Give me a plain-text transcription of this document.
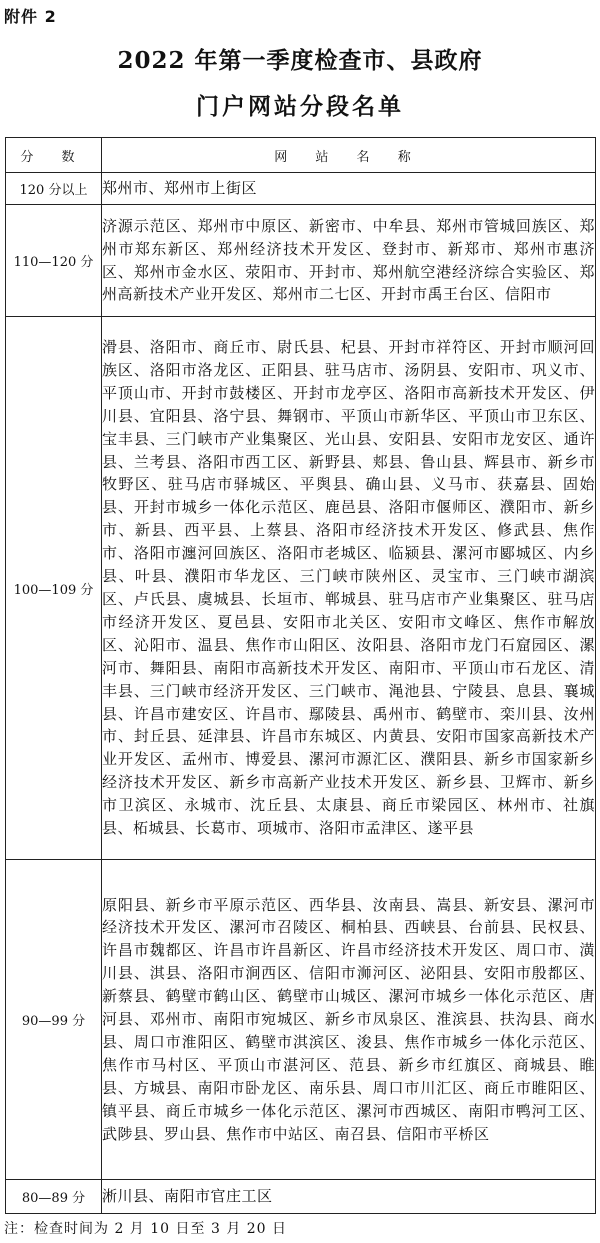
附件 2
2022 年第一季度检查市、县政府
门户网站分段名单
分 数	网 站 名 称
120 分以上	郑州市、郑州市上街区
110—120 分	济源示范区、郑州市中原区、新密市、中牟县、郑州市管城回族区、郑州市郑东新区、郑州经济技术开发区、登封市、新郑市、郑州市惠济区、郑州市金水区、荥阳市、开封市、郑州航空港经济综合实验区、郑州高新技术产业开发区、郑州市二七区、开封市禹王台区、信阳市
100—109 分	滑县、洛阳市、商丘市、尉氏县、杞县、开封市祥符区、开封市顺河回族区、洛阳市洛龙区、正阳县、驻马店市、汤阴县、安阳市、巩义市、平顶山市、开封市鼓楼区、开封市龙亭区、洛阳市高新技术开发区、伊川县、宜阳县、洛宁县、舞钢市、平顶山市新华区、平顶山市卫东区、宝丰县、三门峡市产业集聚区、光山县、安阳县、安阳市龙安区、通许县、兰考县、洛阳市西工区、新野县、郏县、鲁山县、辉县市、新乡市牧野区、驻马店市驿城区、平舆县、确山县、义马市、获嘉县、固始县、开封市城乡一体化示范区、鹿邑县、洛阳市偃师区、濮阳市、新乡市、新县、西平县、上蔡县、洛阳市经济技术开发区、修武县、焦作市、洛阳市瀍河回族区、洛阳市老城区、临颍县、漯河市郾城区、内乡县、叶县、濮阳市华龙区、三门峡市陕州区、灵宝市、三门峡市湖滨区、卢氏县、虞城县、长垣市、郸城县、驻马店市产业集聚区、驻马店市经济开发区、夏邑县、安阳市北关区、安阳市文峰区、焦作市解放区、沁阳市、温县、焦作市山阳区、汝阳县、洛阳市龙门石窟园区、漯河市、舞阳县、南阳市高新技术开发区、南阳市、平顶山市石龙区、清丰县、三门峡市经济开发区、三门峡市、渑池县、宁陵县、息县、襄城县、许昌市建安区、许昌市、鄢陵县、禹州市、鹤壁市、栾川县、汝州市、封丘县、延津县、许昌市东城区、内黄县、安阳市国家高新技术产业开发区、孟州市、博爱县、漯河市源汇区、濮阳县、新乡市国家新乡经济技术开发区、新乡市高新产业技术开发区、新乡县、卫辉市、新乡市卫滨区、永城市、沈丘县、太康县、商丘市梁园区、林州市、社旗县、柘城县、长葛市、项城市、洛阳市孟津区、遂平县
90—99 分	原阳县、新乡市平原示范区、西华县、汝南县、嵩县、新安县、漯河市经济技术开发区、漯河市召陵区、桐柏县、西峡县、台前县、民权县、许昌市魏都区、许昌市许昌新区、许昌市经济技术开发区、周口市、潢川县、淇县、洛阳市涧西区、信阳市浉河区、泌阳县、安阳市殷都区、新蔡县、鹤壁市鹤山区、鹤壁市山城区、漯河市城乡一体化示范区、唐河县、邓州市、南阳市宛城区、新乡市凤泉区、淮滨县、扶沟县、商水县、周口市淮阳区、鹤壁市淇滨区、浚县、焦作市城乡一体化示范区、焦作市马村区、平顶山市湛河区、范县、新乡市红旗区、商城县、睢县、方城县、南阳市卧龙区、南乐县、周口市川汇区、商丘市睢阳区、镇平县、商丘市城乡一体化示范区、漯河市西城区、南阳市鸭河工区、武陟县、罗山县、焦作市中站区、南召县、信阳市平桥区
80—89 分	淅川县、南阳市官庄工区
注：检查时间为 2 月 10 日至 3 月 20 日
